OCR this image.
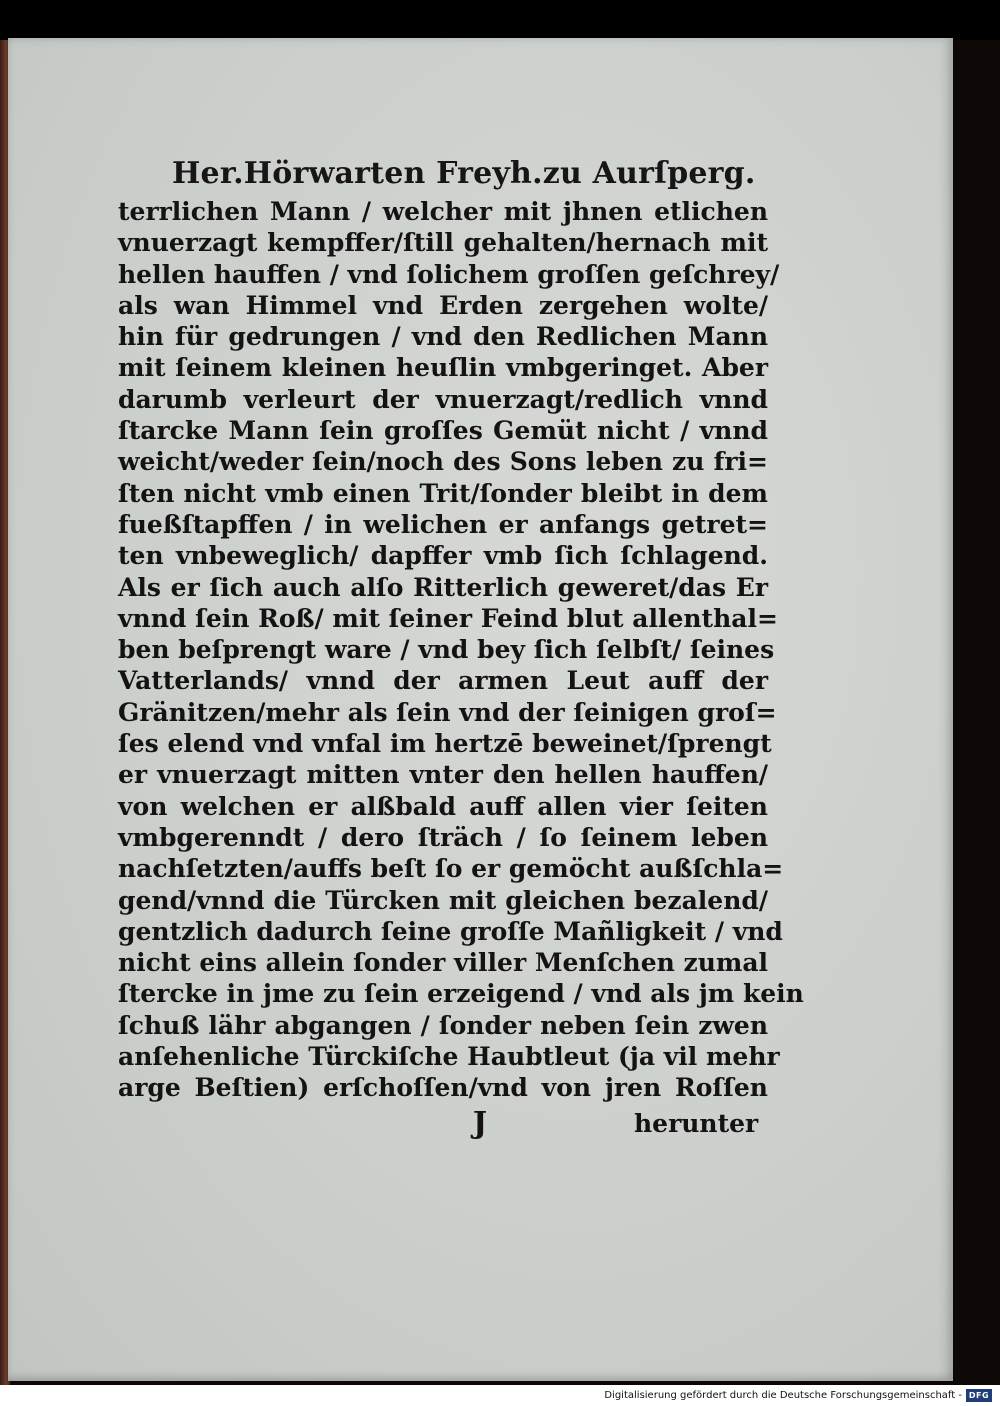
Her.Hörwarten Freyh.zu Aurſperg.
terrlichen Mann / welcher mit jhnen etlichen
vnuerzagt kempffer/ſtill gehalten/hernach mit
hellen hauffen / vnd ſolichem groſſen geſchrey/
als wan Himmel vnd Erden zergehen wolte/
hin für gedrungen / vnd den Redlichen Mann
mit ſeinem kleinen heuſlin vmbgeringet. Aber
darumb verleurt der vnuerzagt/redlich vnnd
ſtarcke Mann ſein groſſes Gemüt nicht / vnnd
weicht/weder ſein/noch des Sons leben zu fri=
ſten nicht vmb einen Trit/ſonder bleibt in dem
fueßſtapffen / in welichen er anfangs getret=
ten vnbeweglich/ dapffer vmb ſich ſchlagend.
Als er ſich auch alſo Ritterlich geweret/das Er
vnnd ſein Roß/ mit ſeiner Feind blut allenthal=
ben beſprengt ware / vnd bey ſich ſelbſt/ ſeines
Vatterlands/ vnnd der armen Leut auff der
Gränitzen/mehr als ſein vnd der ſeinigen groſ=
ſes elend vnd vnfal im hertzē beweinet/ſprengt
er vnuerzagt mitten vnter den hellen hauffen/
von welchen er alßbald auff allen vier ſeiten
vmbgerenndt / dero ſträch / ſo ſeinem leben
nachſetzten/auffs beſt ſo er gemöcht außſchla=
gend/vnnd die Türcken mit gleichen bezalend/
gentzlich dadurch ſeine groſſe Mañligkeit / vnd
nicht eins allein ſonder viller Menſchen zumal
ſtercke in jme zu ſein erzeigend / vnd als jm kein
ſchuß lähr abgangen / ſonder neben ſein zwen
anſehenliche Türckiſche Haubtleut (ja vil mehr
arge Beſtien) erſchoſſen/vnd von jren Roſſen
J	herunter
Digitalisierung gefördert durch die Deutsche Forschungsgemeinschaft - DFG
